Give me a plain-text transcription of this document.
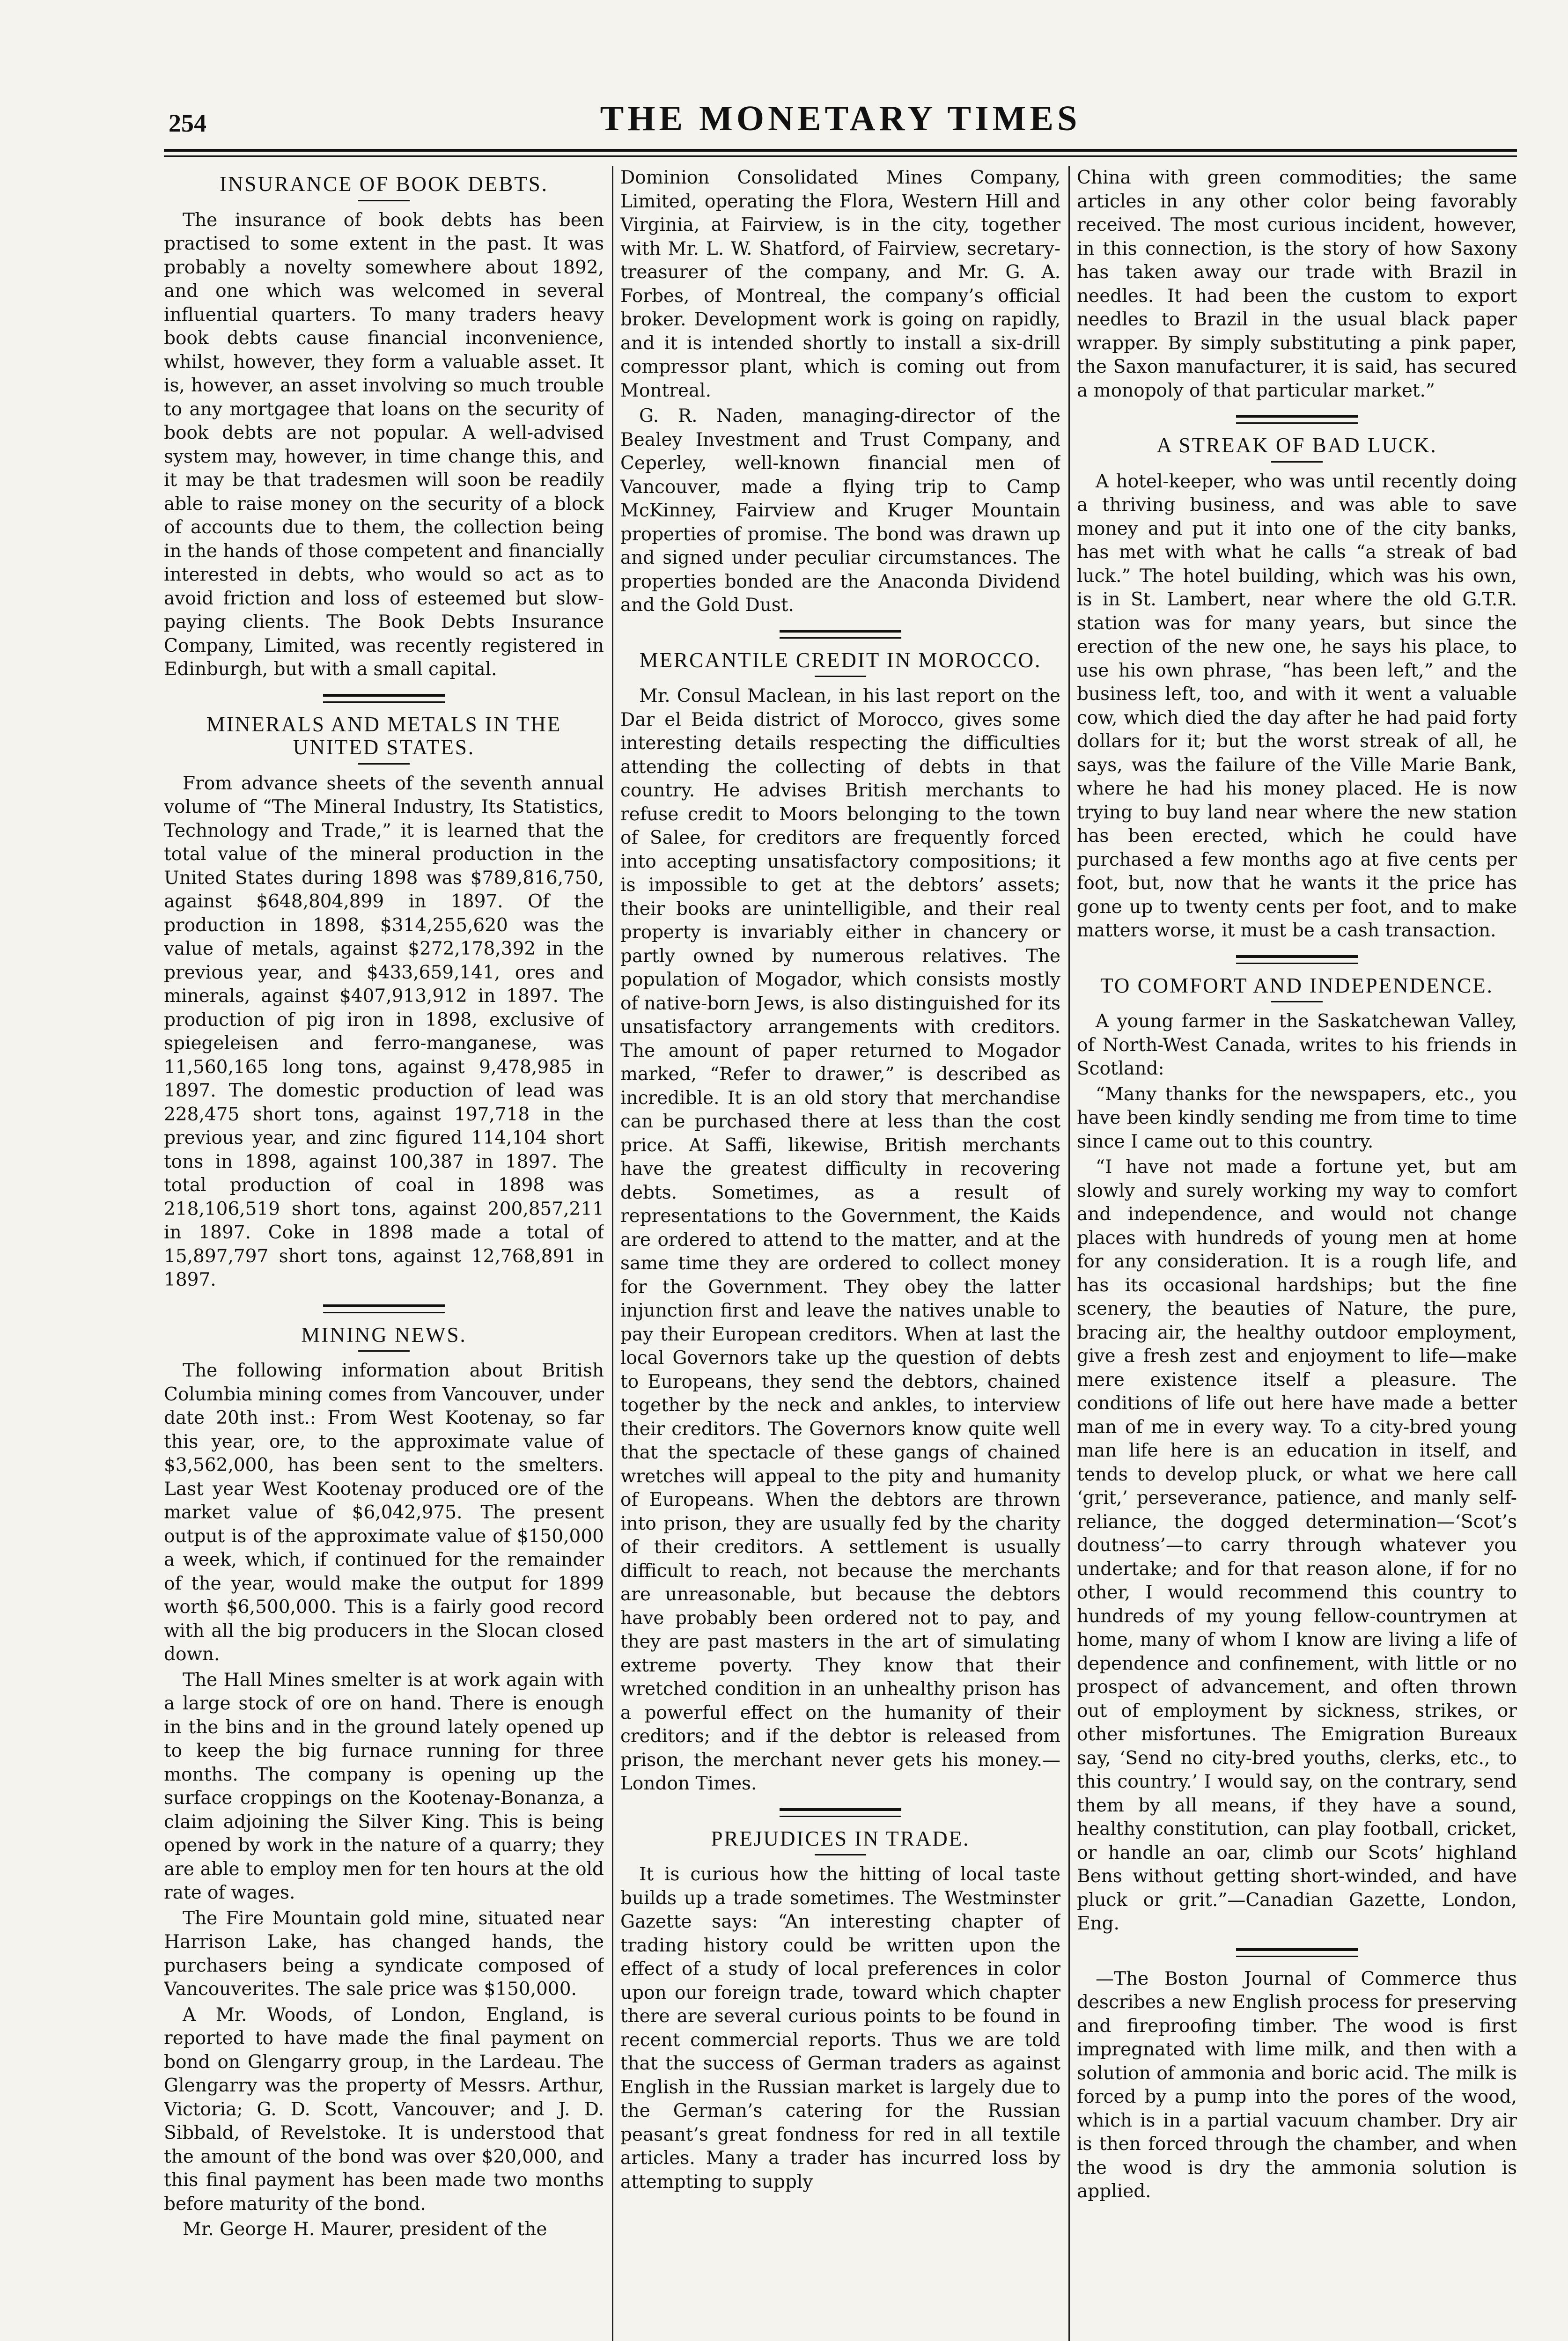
254	THE MONETARY TIMES
INSURANCE OF BOOK DEBTS.

The insurance of book debts has been practised to some extent in the past. It was probably a novelty somewhere about 1892, and one which was welcomed in several influential quarters. To many traders heavy book debts cause financial inconvenience, whilst, however, they form a valuable asset. It is, however, an asset involving so much trouble to any mortgagee that loans on the security of book debts are not popular. A well-advised system may, however, in time change this, and it may be that tradesmen will soon be readily able to raise money on the security of a block of accounts due to them, the collection being in the hands of those competent and financially interested in debts, who would so act as to avoid friction and loss of esteemed but slow-paying clients. The Book Debts Insurance Company, Limited, was recently registered in Edinburgh, but with a small capital.

MINERALS AND METALS IN THE UNITED STATES.

From advance sheets of the seventh annual volume of “The Mineral Industry, Its Statistics, Technology and Trade,” it is learned that the total value of the mineral production in the United States during 1898 was $789,816,750, against $648,804,899 in 1897. Of the production in 1898, $314,255,620 was the value of metals, against $272,178,392 in the previous year, and $433,659,141, ores and minerals, against $407,913,912 in 1897. The production of pig iron in 1898, exclusive of spiegeleisen and ferro-manganese, was 11,560,165 long tons, against 9,478,985 in 1897. The domestic production of lead was 228,475 short tons, against 197,718 in the previous year, and zinc figured 114,104 short tons in 1898, against 100,387 in 1897. The total production of coal in 1898 was 218,106,519 short tons, against 200,857,211 in 1897. Coke in 1898 made a total of 15,897,797 short tons, against 12,768,891 in 1897.

MINING NEWS.

The following information about British Columbia mining comes from Vancouver, under date 20th inst.: From West Kootenay, so far this year, ore, to the approximate value of $3,562,000, has been sent to the smelters. Last year West Kootenay produced ore of the market value of $6,042,975. The present output is of the approximate value of $150,000 a week, which, if continued for the remainder of the year, would make the output for 1899 worth $6,500,000. This is a fairly good record with all the big producers in the Slocan closed down.

The Hall Mines smelter is at work again with a large stock of ore on hand. There is enough in the bins and in the ground lately opened up to keep the big furnace running for three months. The company is opening up the surface croppings on the Kootenay-Bonanza, a claim adjoining the Silver King. This is being opened by work in the nature of a quarry; they are able to employ men for ten hours at the old rate of wages.

The Fire Mountain gold mine, situated near Harrison Lake, has changed hands, the purchasers being a syndicate composed of Vancouverites. The sale price was $150,000.

A Mr. Woods, of London, England, is reported to have made the final payment on bond on Glengarry group, in the Lardeau. The Glengarry was the property of Messrs. Arthur, Victoria; G. D. Scott, Vancouver; and J. D. Sibbald, of Revelstoke. It is understood that the amount of the bond was over $20,000, and this final payment has been made two months before maturity of the bond.

Mr. George H. Maurer, president of the

Dominion Consolidated Mines Company, Limited, operating the Flora, Western Hill and Virginia, at Fairview, is in the city, together with Mr. L. W. Shatford, of Fairview, secretary-treasurer of the company, and Mr. G. A. Forbes, of Montreal, the company’s official broker. Development work is going on rapidly, and it is intended shortly to install a six-drill compressor plant, which is coming out from Montreal.

G. R. Naden, managing-director of the Bealey Investment and Trust Company, and Ceperley, well-known financial men of Vancouver, made a flying trip to Camp McKinney, Fairview and Kruger Mountain properties of promise. The bond was drawn up and signed under peculiar circumstances. The properties bonded are the Anaconda Dividend and the Gold Dust.

MERCANTILE CREDIT IN MOROCCO.

Mr. Consul Maclean, in his last report on the Dar el Beida district of Morocco, gives some interesting details respecting the difficulties attending the collecting of debts in that country. He advises British merchants to refuse credit to Moors belonging to the town of Salee, for creditors are frequently forced into accepting unsatisfactory compositions; it is impossible to get at the debtors’ assets; their books are unintelligible, and their real property is invariably either in chancery or partly owned by numerous relatives. The population of Mogador, which consists mostly of native-born Jews, is also distinguished for its unsatisfactory arrangements with creditors. The amount of paper returned to Mogador marked, “Refer to drawer,” is described as incredible. It is an old story that merchandise can be purchased there at less than the cost price. At Saffi, likewise, British merchants have the greatest difficulty in recovering debts. Sometimes, as a result of representations to the Government, the Kaids are ordered to attend to the matter, and at the same time they are ordered to collect money for the Government. They obey the latter injunction first and leave the natives unable to pay their European creditors. When at last the local Governors take up the question of debts to Europeans, they send the debtors, chained together by the neck and ankles, to interview their creditors. The Governors know quite well that the spectacle of these gangs of chained wretches will appeal to the pity and humanity of Europeans. When the debtors are thrown into prison, they are usually fed by the charity of their creditors. A settlement is usually difficult to reach, not because the merchants are unreasonable, but because the debtors have probably been ordered not to pay, and they are past masters in the art of simulating extreme poverty. They know that their wretched condition in an unhealthy prison has a powerful effect on the humanity of their creditors; and if the debtor is released from prison, the merchant never gets his money.—London Times.

PREJUDICES IN TRADE.

It is curious how the hitting of local taste builds up a trade sometimes. The Westminster Gazette says: “An interesting chapter of trading history could be written upon the effect of a study of local preferences in color upon our foreign trade, toward which chapter there are several curious points to be found in recent commercial reports. Thus we are told that the success of German traders as against English in the Russian market is largely due to the German’s catering for the Russian peasant’s great fondness for red in all textile articles. Many a trader has incurred loss by attempting to supply

China with green commodities; the same articles in any other color being favorably received. The most curious incident, however, in this connection, is the story of how Saxony has taken away our trade with Brazil in needles. It had been the custom to export needles to Brazil in the usual black paper wrapper. By simply substituting a pink paper, the Saxon manufacturer, it is said, has secured a monopoly of that particular market.”

A STREAK OF BAD LUCK.

A hotel-keeper, who was until recently doing a thriving business, and was able to save money and put it into one of the city banks, has met with what he calls “a streak of bad luck.” The hotel building, which was his own, is in St. Lambert, near where the old G.T.R. station was for many years, but since the erection of the new one, he says his place, to use his own phrase, “has been left,” and the business left, too, and with it went a valuable cow, which died the day after he had paid forty dollars for it; but the worst streak of all, he says, was the failure of the Ville Marie Bank, where he had his money placed. He is now trying to buy land near where the new station has been erected, which he could have purchased a few months ago at five cents per foot, but, now that he wants it the price has gone up to twenty cents per foot, and to make matters worse, it must be a cash transaction.

TO COMFORT AND INDEPENDENCE.

A young farmer in the Saskatchewan Valley, of North-West Canada, writes to his friends in Scotland:

“Many thanks for the newspapers, etc., you have been kindly sending me from time to time since I came out to this country.

“I have not made a fortune yet, but am slowly and surely working my way to comfort and independence, and would not change places with hundreds of young men at home for any consideration. It is a rough life, and has its occasional hardships; but the fine scenery, the beauties of Nature, the pure, bracing air, the healthy outdoor employment, give a fresh zest and enjoyment to life—make mere existence itself a pleasure. The conditions of life out here have made a better man of me in every way. To a city-bred young man life here is an education in itself, and tends to develop pluck, or what we here call ‘grit,’ perseverance, patience, and manly self-reliance, the dogged determination—‘Scot’s doutness’—to carry through whatever you undertake; and for that reason alone, if for no other, I would recommend this country to hundreds of my young fellow-countrymen at home, many of whom I know are living a life of dependence and confinement, with little or no prospect of advancement, and often thrown out of employment by sickness, strikes, or other misfortunes. The Emigration Bureaux say, ‘Send no city-bred youths, clerks, etc., to this country.’ I would say, on the contrary, send them by all means, if they have a sound, healthy constitution, can play football, cricket, or handle an oar, climb our Scots’ highland Bens without getting short-winded, and have pluck or grit.”—Canadian Gazette, London, Eng.

—The Boston Journal of Commerce thus describes a new English process for preserving and fireproofing timber. The wood is first impregnated with lime milk, and then with a solution of ammonia and boric acid. The milk is forced by a pump into the pores of the wood, which is in a partial vacuum chamber. Dry air is then forced through the chamber, and when the wood is dry the ammonia solution is applied.
